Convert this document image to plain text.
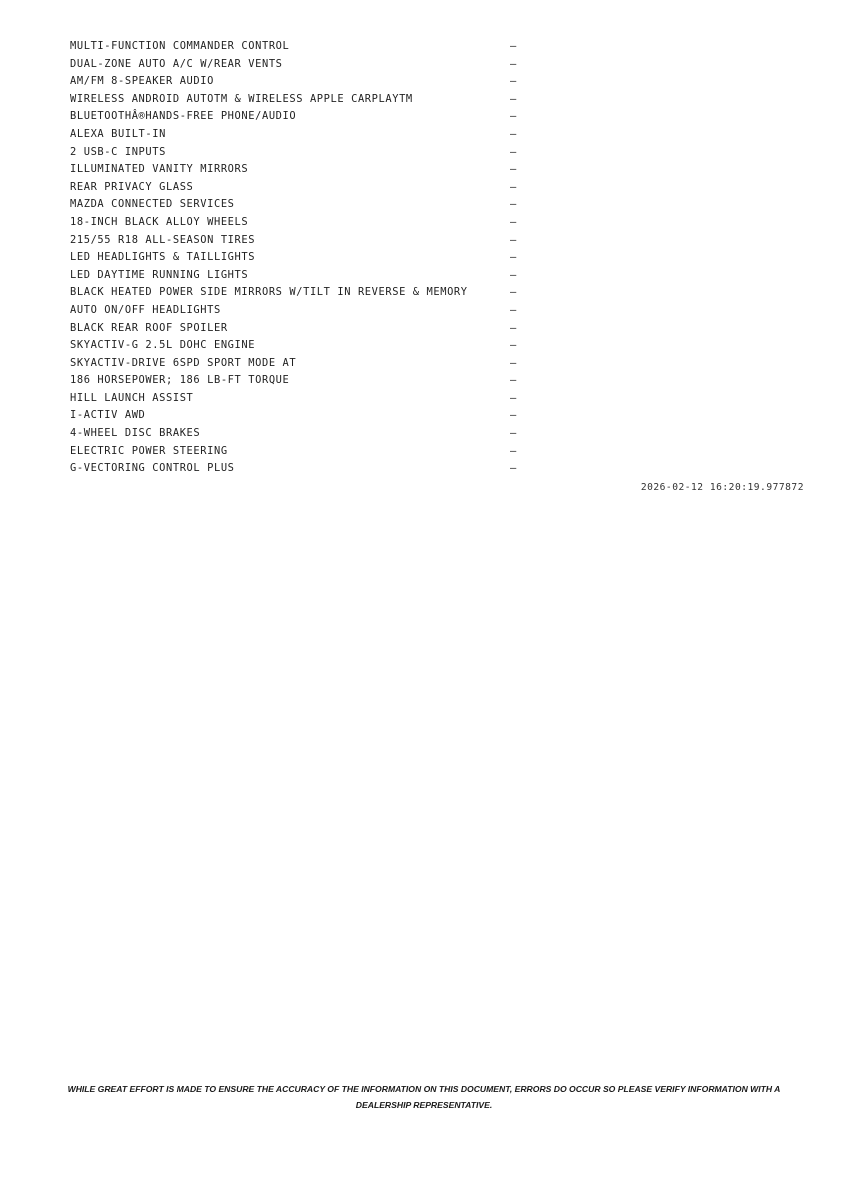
MULTI-FUNCTION COMMANDER CONTROL	—
DUAL-ZONE AUTO A/C W/REAR VENTS	—
AM/FM 8-SPEAKER AUDIO	—
WIRELESS ANDROID AUTOTM & WIRELESS APPLE CARPLAYTM	—
BLUETOOTHÂ®HANDS-FREE PHONE/AUDIO	—
ALEXA BUILT-IN	—
2 USB-C INPUTS	—
ILLUMINATED VANITY MIRRORS	—
REAR PRIVACY GLASS	—
MAZDA CONNECTED SERVICES	—
18-INCH BLACK ALLOY WHEELS	—
215/55 R18 ALL-SEASON TIRES	—
LED HEADLIGHTS & TAILLIGHTS	—
LED DAYTIME RUNNING LIGHTS	—
BLACK HEATED POWER SIDE MIRRORS W/TILT IN REVERSE & MEMORY	—
AUTO ON/OFF HEADLIGHTS	—
BLACK REAR ROOF SPOILER	—
SKYACTIV-G 2.5L DOHC ENGINE	—
SKYACTIV-DRIVE 6SPD SPORT MODE AT	—
186 HORSEPOWER; 186 LB-FT TORQUE	—
HILL LAUNCH ASSIST	—
I-ACTIV AWD	—
4-WHEEL DISC BRAKES	—
ELECTRIC POWER STEERING	—
G-VECTORING CONTROL PLUS	—
2026-02-12 16:20:19.977872
WHILE GREAT EFFORT IS MADE TO ENSURE THE ACCURACY OF THE INFORMATION ON THIS DOCUMENT, ERRORS DO OCCUR SO PLEASE VERIFY INFORMATION WITH A
DEALERSHIP REPRESENTATIVE.
